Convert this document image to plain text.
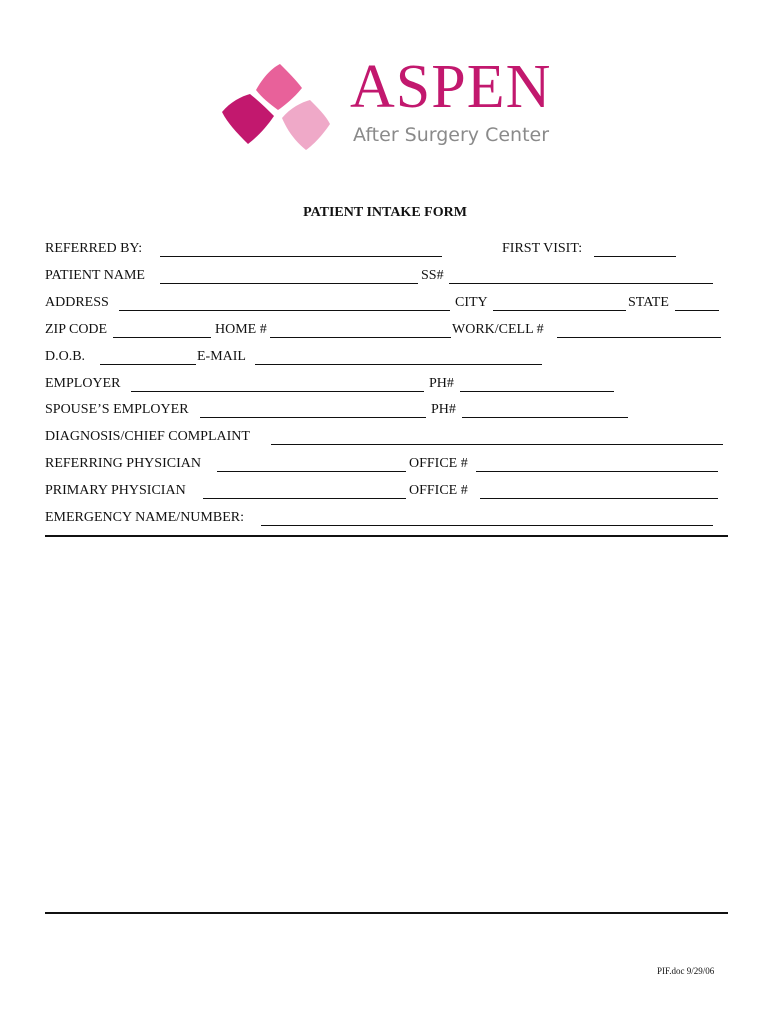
ASPEN
After Surgery Center
PATIENT INTAKE FORM
REFERRED BY:	FIRST VISIT:
PATIENT NAME	SS#
ADDRESS	CITY	STATE
ZIP CODE	HOME #	WORK/CELL #
D.O.B.	E-MAIL
EMPLOYER	PH#
SPOUSE’S EMPLOYER	PH#
DIAGNOSIS/CHIEF COMPLAINT
REFERRING PHYSICIAN	OFFICE #
PRIMARY PHYSICIAN	OFFICE #
EMERGENCY NAME/NUMBER:
PIF.doc 9/29/06
